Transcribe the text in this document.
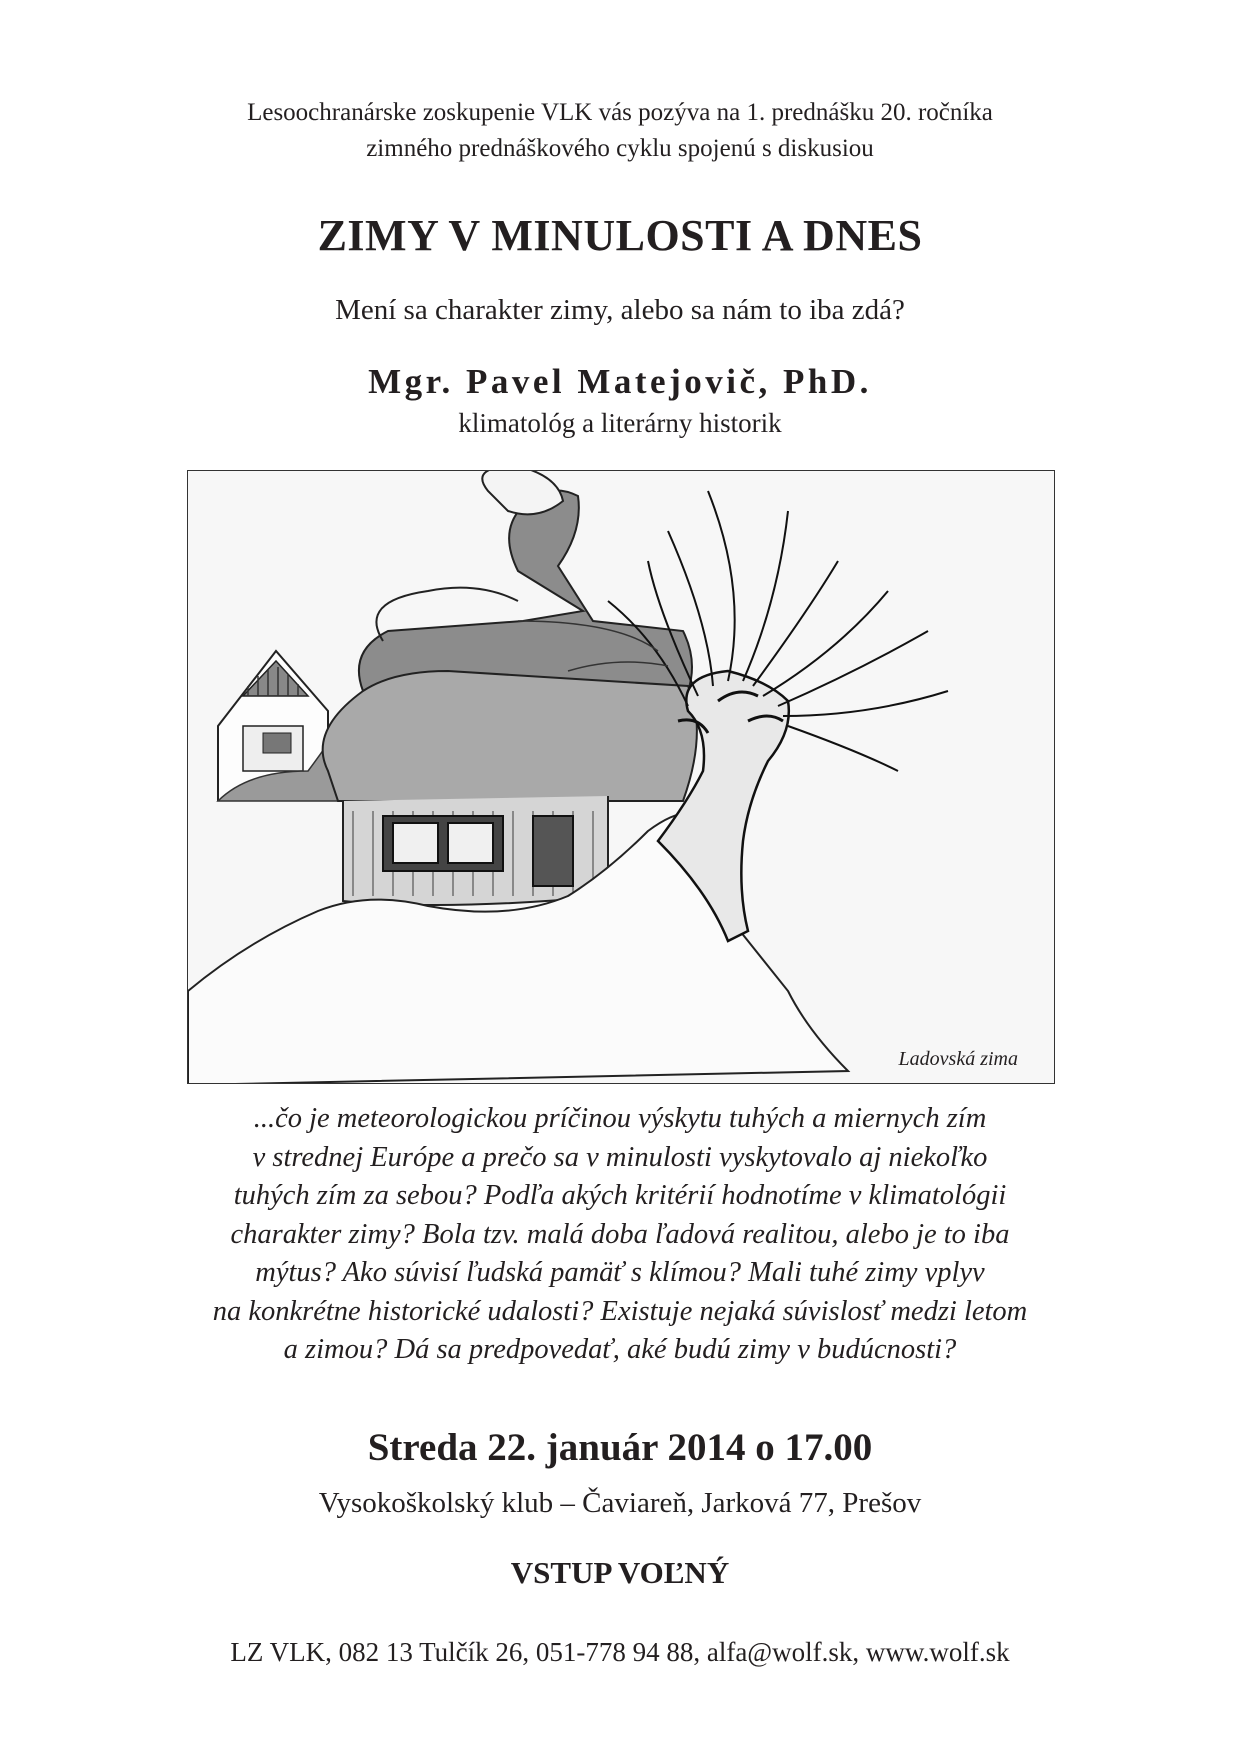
Lesoochranárske zoskupenie VLK vás pozýva na 1. prednášku 20. ročníka
zimného prednáškového cyklu spojenú s diskusiou
ZIMY V MINULOSTI A DNES
Mení sa charakter zimy, alebo sa nám to iba zdá?
Mgr. Pavel Matejovič, PhD.
klimatológ a literárny historik
Ladovská zima
...čo je meteorologickou príčinou výskytu tuhých a miernych zím
v strednej Európe a prečo sa v minulosti vyskytovalo aj niekoľko
tuhých zím za sebou? Podľa akých kritérií hodnotíme v klimatológii
charakter zimy? Bola tzv. malá doba ľadová realitou, alebo je to iba
mýtus? Ako súvisí ľudská pamäť s klímou? Mali tuhé zimy vplyv
na konkrétne historické udalosti? Existuje nejaká súvislosť medzi letom
a zimou? Dá sa predpovedať, aké budú zimy v budúcnosti?
Streda 22. január 2014 o 17.00
Vysokoškolský klub – Čaviareň, Jarková 77, Prešov
VSTUP VOĽNÝ
LZ VLK, 082 13 Tulčík 26, 051-778 94 88, alfa@wolf.sk, www.wolf.sk
